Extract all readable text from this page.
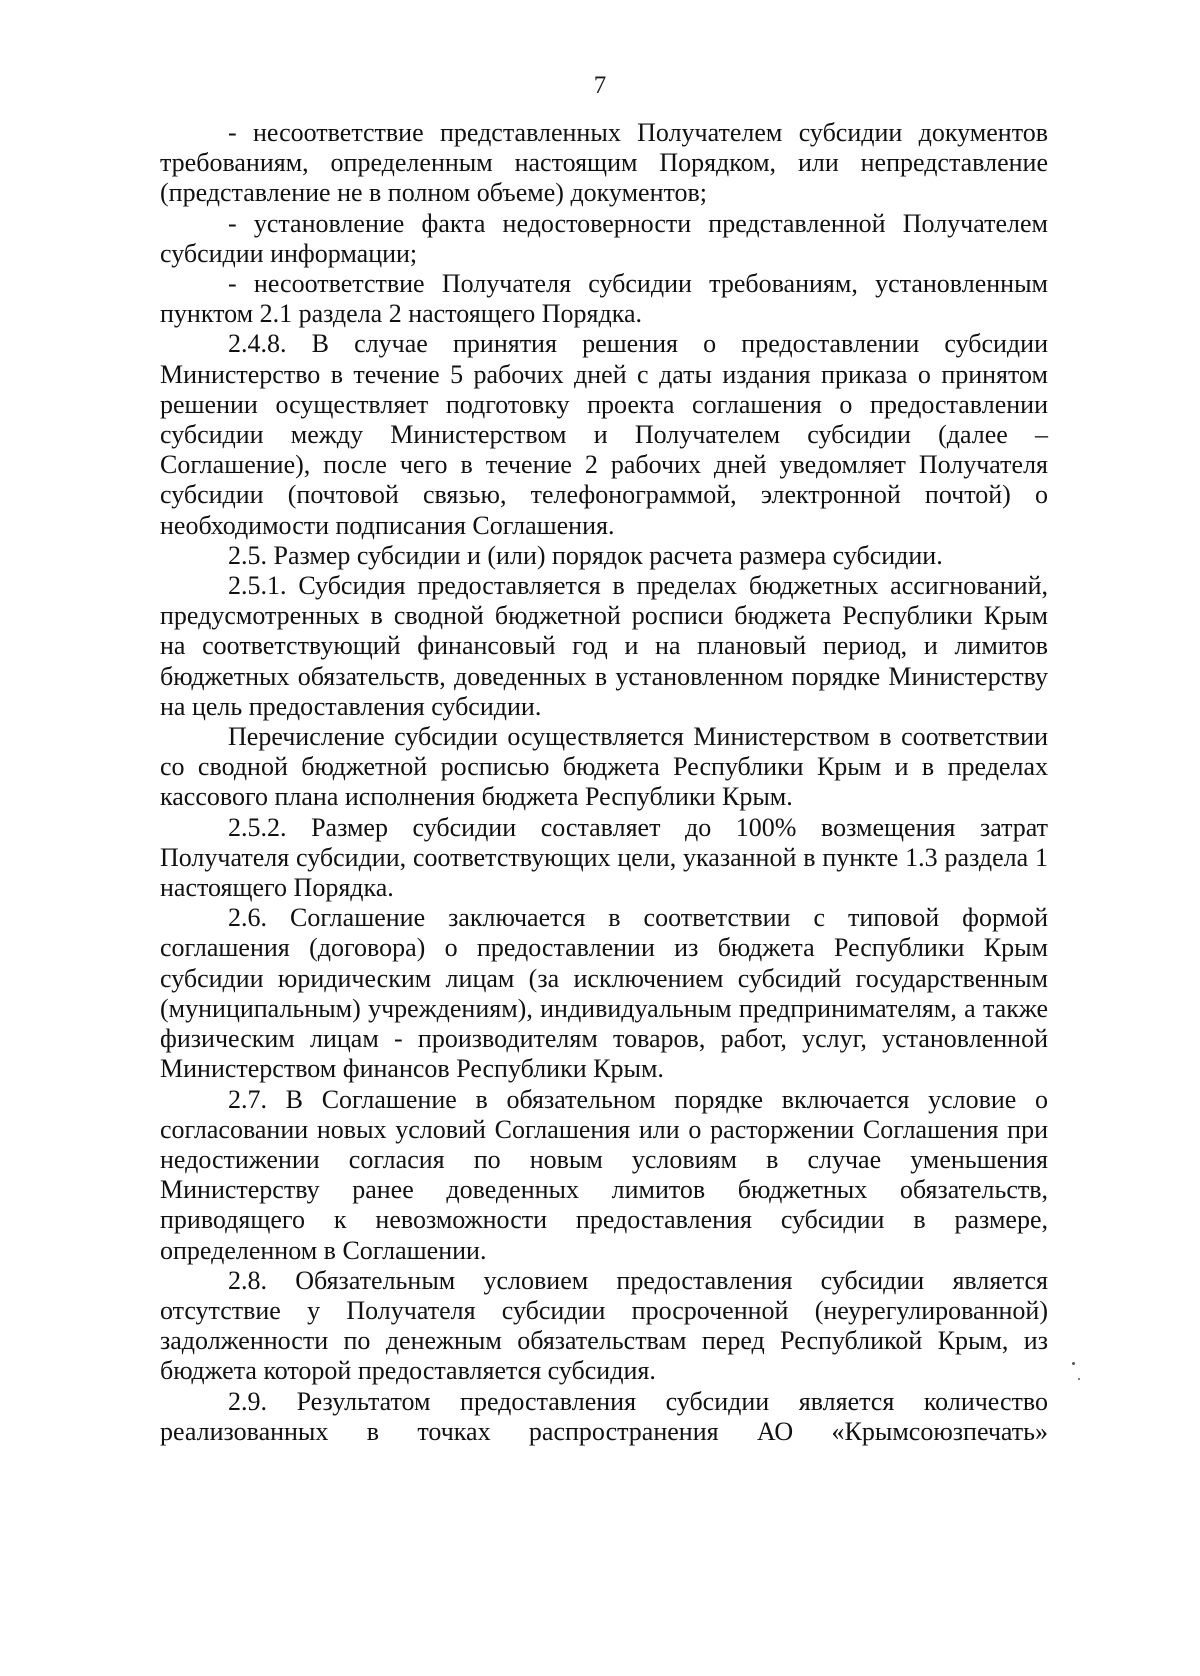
7

- несоответствие представленных Получателем субсидии документов требованиям, определенным настоящим Порядком, или непредставление (представление не в полном объеме) документов;

- установление факта недостоверности представленной Получателем субсидии информации;

- несоответствие Получателя субсидии требованиям, установленным пунктом 2.1 раздела 2 настоящего Порядка.

2.4.8. В случае принятия решения о предоставлении субсидии Министерство в течение 5 рабочих дней с даты издания приказа о принятом решении осуществляет подготовку проекта соглашения о предоставлении субсидии между Министерством и Получателем субсидии (далее – Соглашение), после чего в течение 2 рабочих дней уведомляет Получателя субсидии (почтовой связью, телефонограммой, электронной почтой) о необходимости подписания Соглашения.

2.5. Размер субсидии и (или) порядок расчета размера субсидии.

2.5.1. Субсидия предоставляется в пределах бюджетных ассигнований, предусмотренных в сводной бюджетной росписи бюджета Республики Крым на соответствующий финансовый год и на плановый период, и лимитов бюджетных обязательств, доведенных в установленном порядке Министерству на цель предоставления субсидии.

Перечисление субсидии осуществляется Министерством в соответствии со сводной бюджетной росписью бюджета Республики Крым и в пределах кассового плана исполнения бюджета Республики Крым.

2.5.2. Размер субсидии составляет до 100% возмещения затрат Получателя субсидии, соответствующих цели, указанной в пункте 1.3 раздела 1 настоящего Порядка.

2.6. Соглашение заключается в соответствии с типовой формой соглашения (договора) о предоставлении из бюджета Республики Крым субсидии юридическим лицам (за исключением субсидий государственным (муниципальным) учреждениям), индивидуальным предпринимателям, а также физическим лицам - производителям товаров, работ, услуг, установленной Министерством финансов Республики Крым.

2.7. В Соглашение в обязательном порядке включается условие о согласовании новых условий Соглашения или о расторжении Соглашения при недостижении согласия по новым условиям в случае уменьшения Министерству ранее доведенных лимитов бюджетных обязательств, приводящего к невозможности предоставления субсидии в размере, определенном в Соглашении.

2.8. Обязательным условием предоставления субсидии является отсутствие у Получателя субсидии просроченной (неурегулированной) задолженности по денежным обязательствам перед Республикой Крым, из бюджета которой предоставляется субсидия.

2.9. Результатом предоставления субсидии является количество реализованных в точках распространения АО «Крымсоюзпечать»
